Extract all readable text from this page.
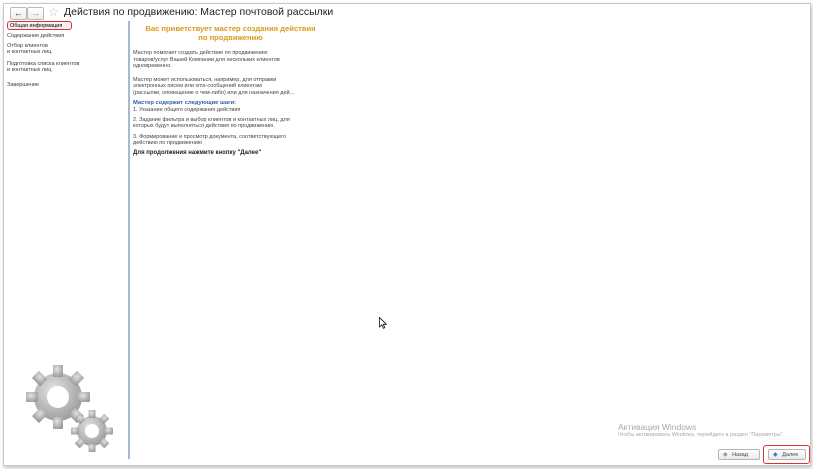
← → ☆ Действия по продвижению: Мастер почтовой рассылки
Общая информация
Содержание действия
Отбор клиентов
и контактных лиц
Подготовка списка клиентов
и контактных лиц
Завершение
Вас приветствует мастер создания действия
по продвижению
Мастер помогает создать действие по продвижению
товаров/услуг Вашей Компании для нескольких клиентов
одновременно.
Мастер может использоваться, например, для отправки
электронных писем или sms-сообщений клиентам
(рассылки, оповещение о чем-либо) или для назначения дей...
Мастер содержит следующие шаги:
1. Указание общего содержания действия
2. Задание фильтра и выбор клиентов и контактных лиц, для
которых будут выполняться действия по продвижению.
3. Формирование и просмотр документа, соответствующего
действию по продвижению
Для продолжения нажмите кнопку "Далее"
Активация Windows
Чтобы активировать Windows, перейдите в раздел "Параметры".
◆ Назад	◆ Далее
